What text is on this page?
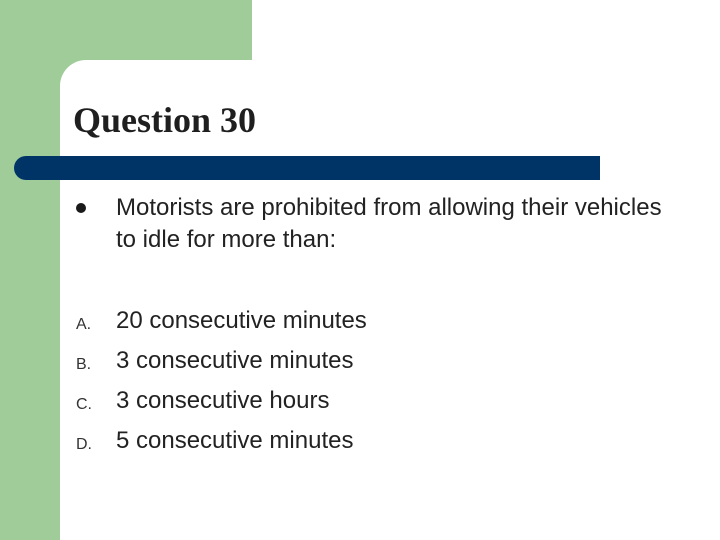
Question 30
Motorists are prohibited from allowing their vehicles to idle for more than:
A. 20 consecutive minutes
B. 3 consecutive minutes
C. 3 consecutive hours
D. 5 consecutive minutes
